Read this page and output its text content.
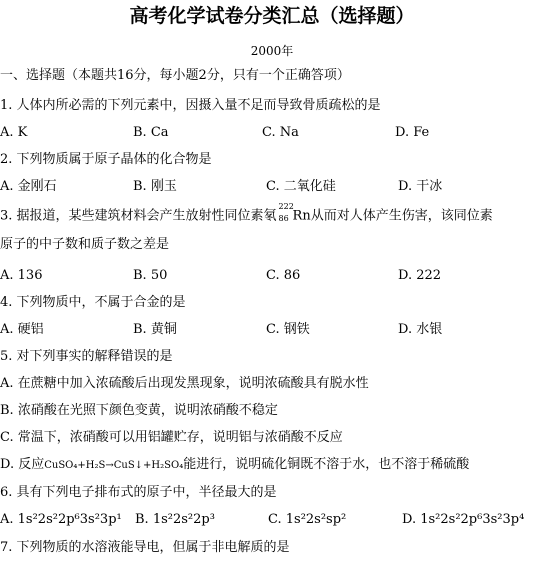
高考化学试卷分类汇总（选择题）
2000年
一、选择题（本题共16分，每小题2分，只有一个正确答项）
1. 人体内所必需的下列元素中，因摄入量不足而导致骨质疏松的是
A. K	B. Ca	C. Na	D. Fe
2. 下列物质属于原子晶体的化合物是
A. 金刚石	B. 刚玉	C. 二氧化硅	D. 干冰
3. 据报道，某些建筑材料会产生放射性同位素氡
222
86 Rn从而对人体产生伤害，该同位素
原子的中子数和质子数之差是
A. 136	B. 50	C. 86	D. 222
4. 下列物质中，不属于合金的是
A. 硬铝	B. 黄铜	C. 钢铁	D. 水银
5. 对下列事实的解释错误的是
A. 在蔗糖中加入浓硫酸后出现发黑现象，说明浓硫酸具有脱水性
B. 浓硝酸在光照下颜色变黄，说明浓硝酸不稳定
C. 常温下，浓硝酸可以用铝罐贮存，说明铝与浓硝酸不反应
D. 反应CuSO₄+H₂S→CuS↓+H₂SO₄能进行，说明硫化铜既不溶于水，也不溶于稀硫酸
6. 具有下列电子排布式的原子中，半径最大的是
A. 1s²2s²2p⁶3s²3p¹ B. 1s²2s²2p³	C. 1s²2s²sp²	D. 1s²2s²2p⁶3s²3p⁴
7. 下列物质的水溶液能导电，但属于非电解质的是
